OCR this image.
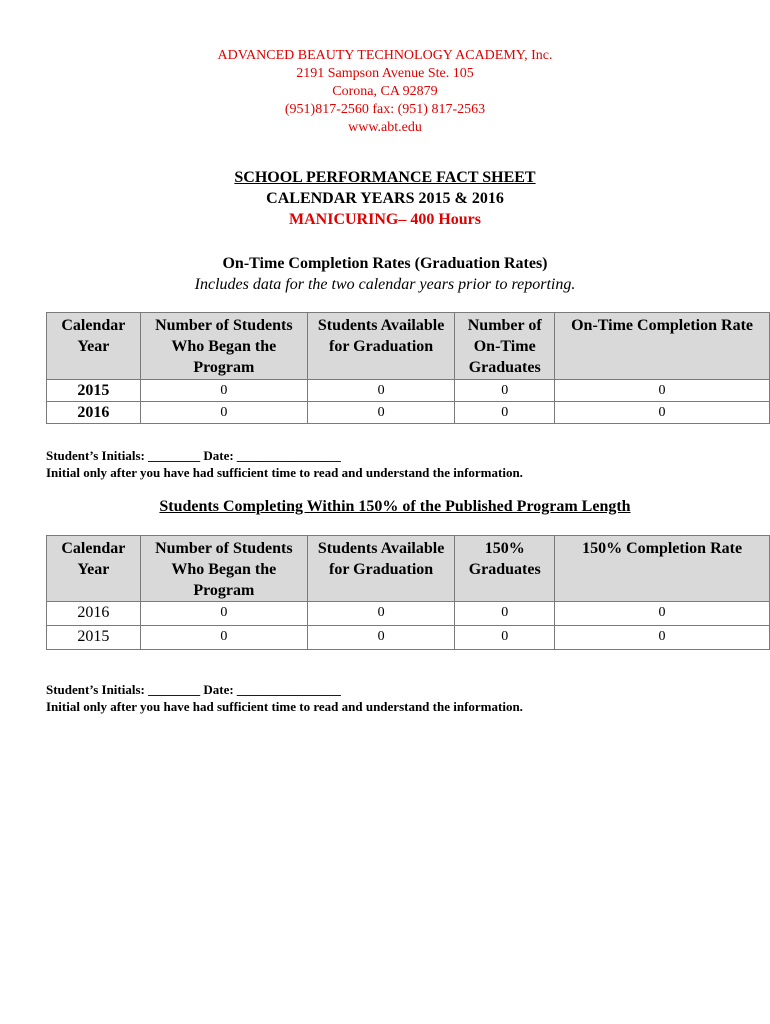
ADVANCED BEAUTY TECHNOLOGY ACADEMY, Inc.
2191 Sampson Avenue Ste. 105
Corona, CA 92879
(951)817-2560 fax: (951) 817-2563
www.abt.edu
SCHOOL PERFORMANCE FACT SHEET
CALENDAR YEARS 2015 & 2016
MANICURING– 400 Hours
On-Time Completion Rates (Graduation Rates)
Includes data for the two calendar years prior to reporting.
Calendar Year	Number of Students Who Began the Program	Students Available for Graduation	Number of On-Time Graduates	On-Time Completion Rate
2015	0	0	0	0
2016	0	0	0	0
Student’s Initials: ________ Date: ________________
Initial only after you have had sufficient time to read and understand the information.
Students Completing Within 150% of the Published Program Length
Calendar Year	Number of Students Who Began the Program	Students Available for Graduation	150% Graduates	150% Completion Rate
2016	0	0	0	0
2015	0	0	0	0
Student’s Initials: ________ Date: ________________
Initial only after you have had sufficient time to read and understand the information.
